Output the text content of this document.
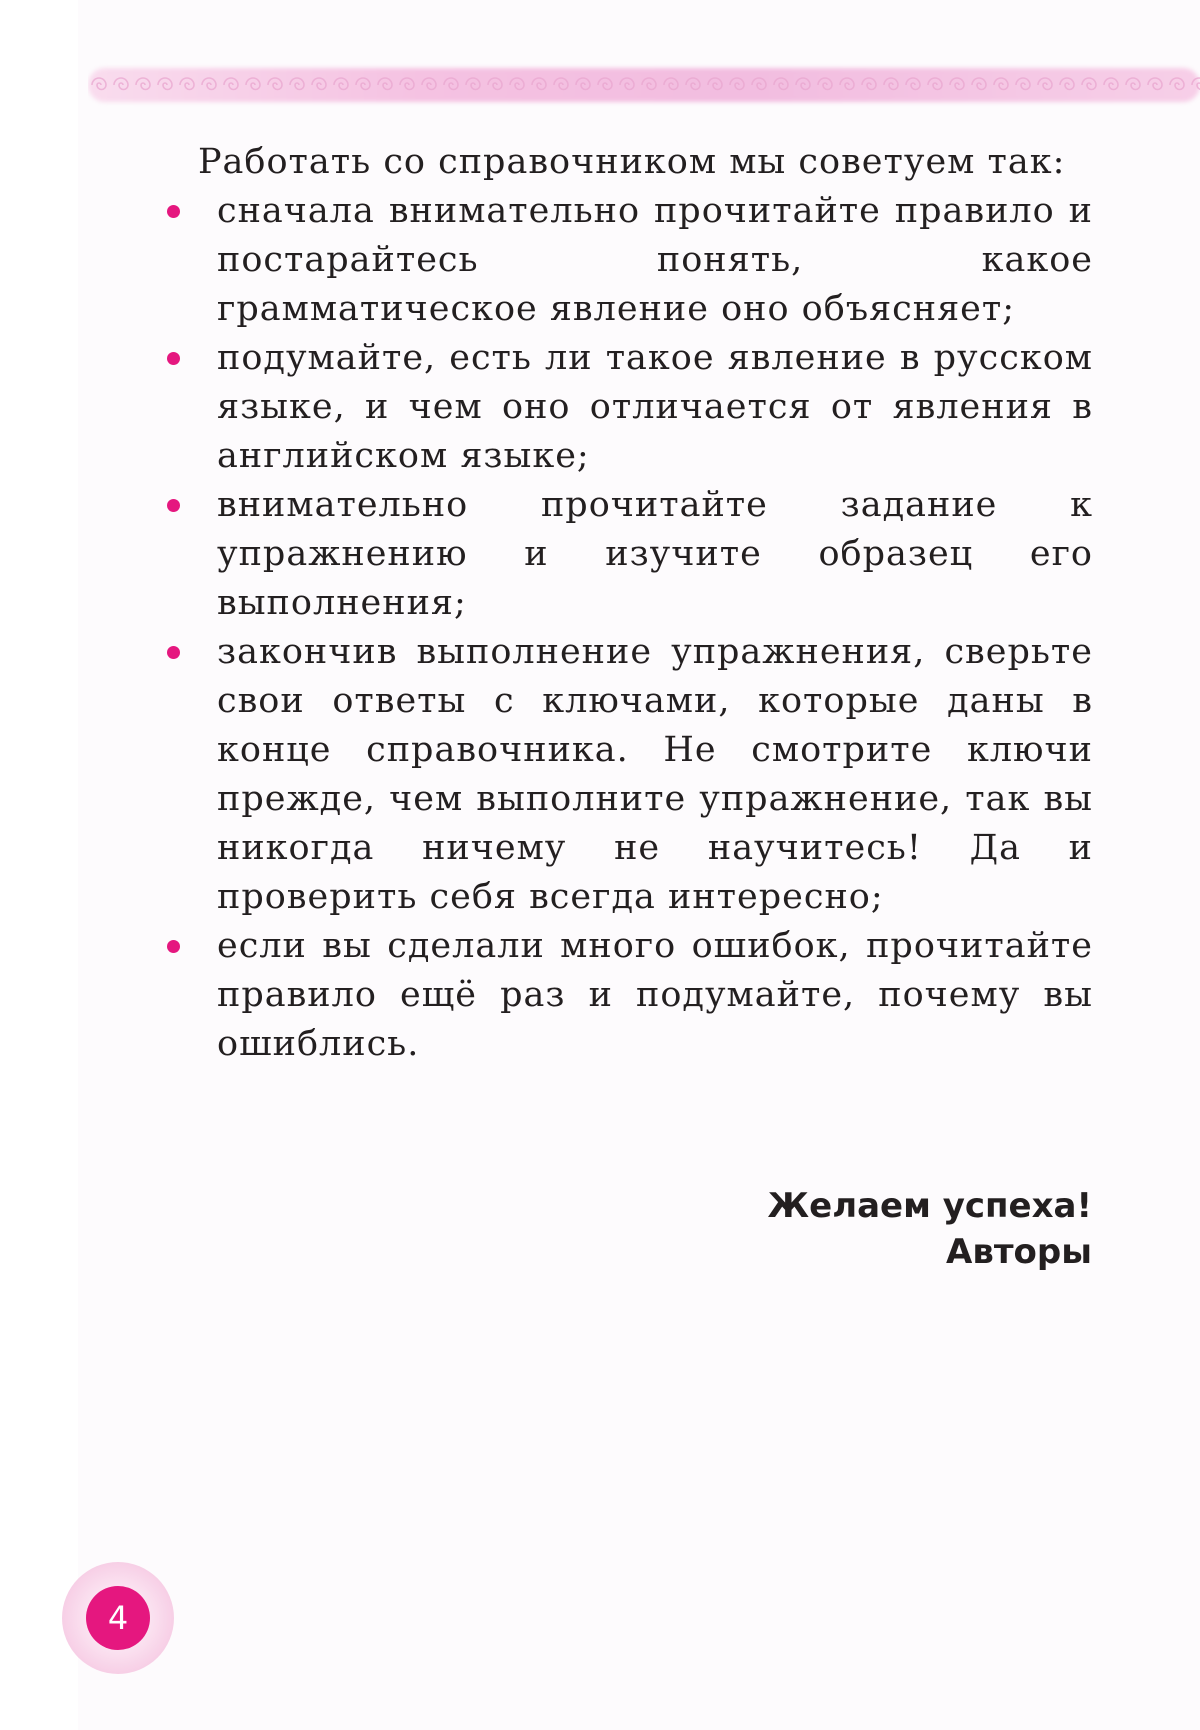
Работать со справочником мы советуем так:

сначала внимательно прочитайте правило и постарайтесь понять, какое грамматическое явление оно объясняет;
подумайте, есть ли такое явление в русском языке, и чем оно отличается от явления в английском языке;
внимательно прочитайте задание к упражнению и изучите образец его выполнения;
закончив выполнение упражнения, сверьте свои ответы с ключами, которые даны в конце справочника. Не смотрите ключи прежде, чем выполните упражнение, так вы никогда ничему не научитесь! Да и проверить себя всегда интересно;
если вы сделали много ошибок, прочитайте правило ещё раз и подумайте, почему вы ошиблись.
Желаем успеха!
Авторы
4
